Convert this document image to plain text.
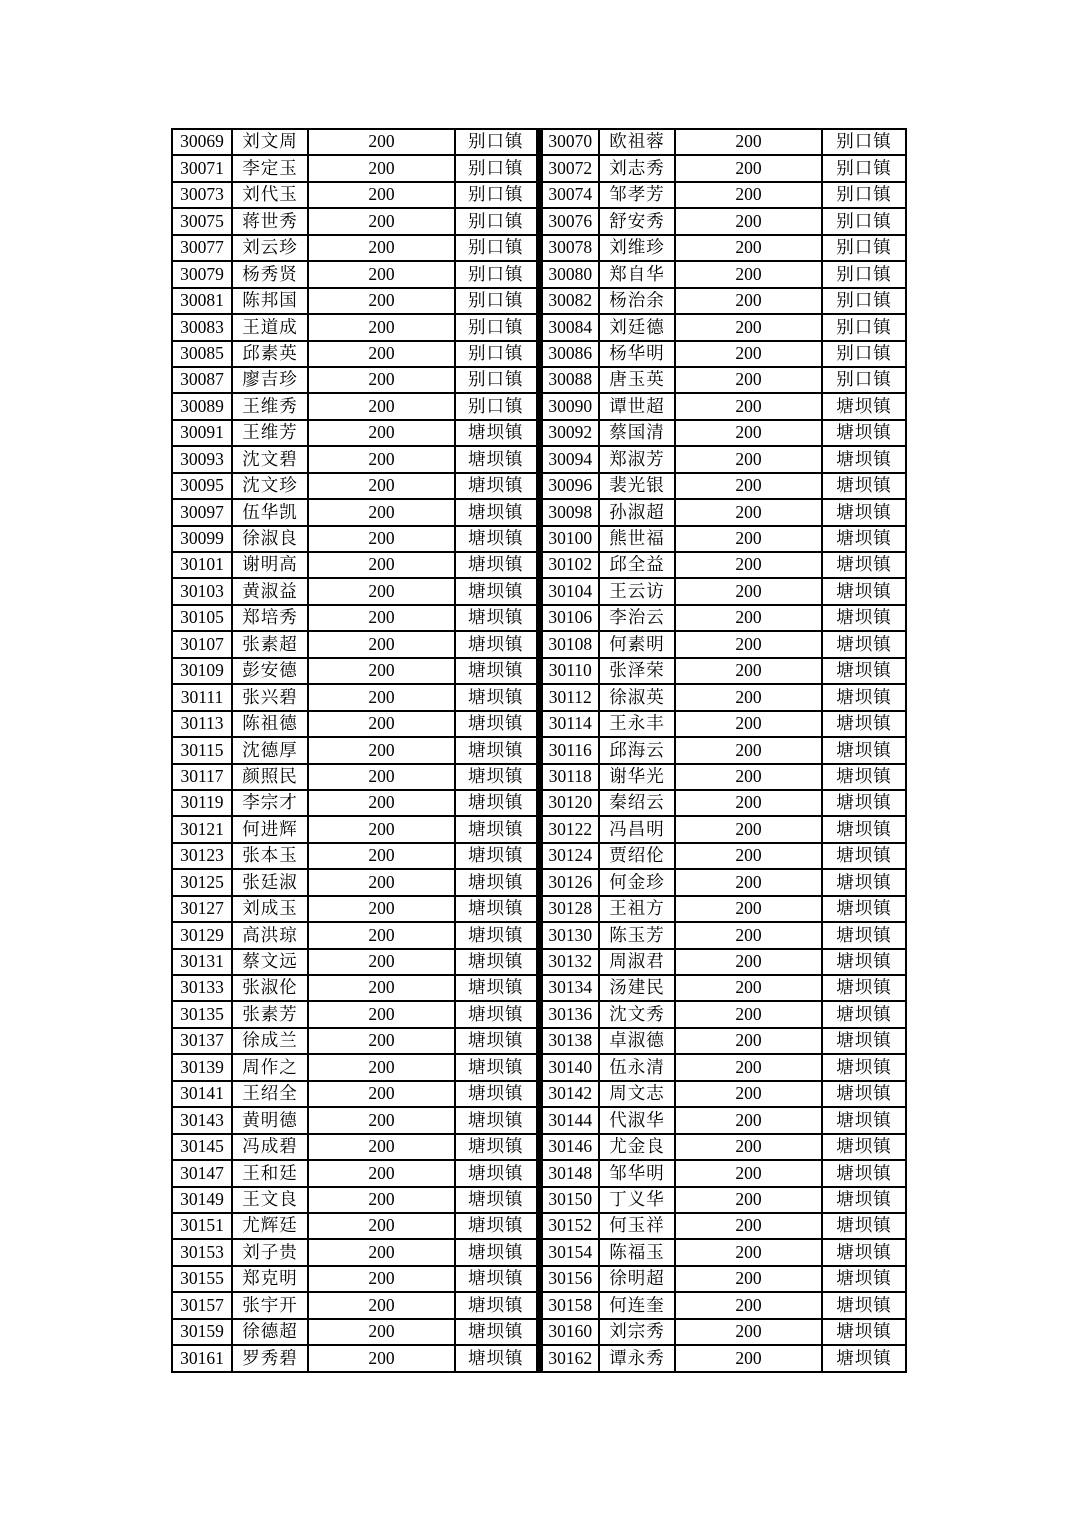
30069	刘文周	200	别口镇	30070	欧祖蓉	200	别口镇
30071	李定玉	200	别口镇	30072	刘志秀	200	别口镇
30073	刘代玉	200	别口镇	30074	邹孝芳	200	别口镇
30075	蒋世秀	200	别口镇	30076	舒安秀	200	别口镇
30077	刘云珍	200	别口镇	30078	刘维珍	200	别口镇
30079	杨秀贤	200	别口镇	30080	郑自华	200	别口镇
30081	陈邦国	200	别口镇	30082	杨治余	200	别口镇
30083	王道成	200	别口镇	30084	刘廷德	200	别口镇
30085	邱素英	200	别口镇	30086	杨华明	200	别口镇
30087	廖吉珍	200	别口镇	30088	唐玉英	200	别口镇
30089	王维秀	200	别口镇	30090	谭世超	200	塘坝镇
30091	王维芳	200	塘坝镇	30092	蔡国清	200	塘坝镇
30093	沈文碧	200	塘坝镇	30094	郑淑芳	200	塘坝镇
30095	沈文珍	200	塘坝镇	30096	裴光银	200	塘坝镇
30097	伍华凯	200	塘坝镇	30098	孙淑超	200	塘坝镇
30099	徐淑良	200	塘坝镇	30100	熊世福	200	塘坝镇
30101	谢明高	200	塘坝镇	30102	邱全益	200	塘坝镇
30103	黄淑益	200	塘坝镇	30104	王云访	200	塘坝镇
30105	郑培秀	200	塘坝镇	30106	李治云	200	塘坝镇
30107	张素超	200	塘坝镇	30108	何素明	200	塘坝镇
30109	彭安德	200	塘坝镇	30110	张泽荣	200	塘坝镇
30111	张兴碧	200	塘坝镇	30112	徐淑英	200	塘坝镇
30113	陈祖德	200	塘坝镇	30114	王永丰	200	塘坝镇
30115	沈德厚	200	塘坝镇	30116	邱海云	200	塘坝镇
30117	颜照民	200	塘坝镇	30118	谢华光	200	塘坝镇
30119	李宗才	200	塘坝镇	30120	秦绍云	200	塘坝镇
30121	何进辉	200	塘坝镇	30122	冯昌明	200	塘坝镇
30123	张本玉	200	塘坝镇	30124	贾绍伦	200	塘坝镇
30125	张廷淑	200	塘坝镇	30126	何金珍	200	塘坝镇
30127	刘成玉	200	塘坝镇	30128	王祖方	200	塘坝镇
30129	高洪琼	200	塘坝镇	30130	陈玉芳	200	塘坝镇
30131	蔡文远	200	塘坝镇	30132	周淑君	200	塘坝镇
30133	张淑伦	200	塘坝镇	30134	汤建民	200	塘坝镇
30135	张素芳	200	塘坝镇	30136	沈文秀	200	塘坝镇
30137	徐成兰	200	塘坝镇	30138	卓淑德	200	塘坝镇
30139	周作之	200	塘坝镇	30140	伍永清	200	塘坝镇
30141	王绍全	200	塘坝镇	30142	周文志	200	塘坝镇
30143	黄明德	200	塘坝镇	30144	代淑华	200	塘坝镇
30145	冯成碧	200	塘坝镇	30146	尤金良	200	塘坝镇
30147	王和廷	200	塘坝镇	30148	邹华明	200	塘坝镇
30149	王文良	200	塘坝镇	30150	丁义华	200	塘坝镇
30151	尤辉廷	200	塘坝镇	30152	何玉祥	200	塘坝镇
30153	刘子贵	200	塘坝镇	30154	陈福玉	200	塘坝镇
30155	郑克明	200	塘坝镇	30156	徐明超	200	塘坝镇
30157	张宇开	200	塘坝镇	30158	何连奎	200	塘坝镇
30159	徐德超	200	塘坝镇	30160	刘宗秀	200	塘坝镇
30161	罗秀碧	200	塘坝镇	30162	谭永秀	200	塘坝镇
